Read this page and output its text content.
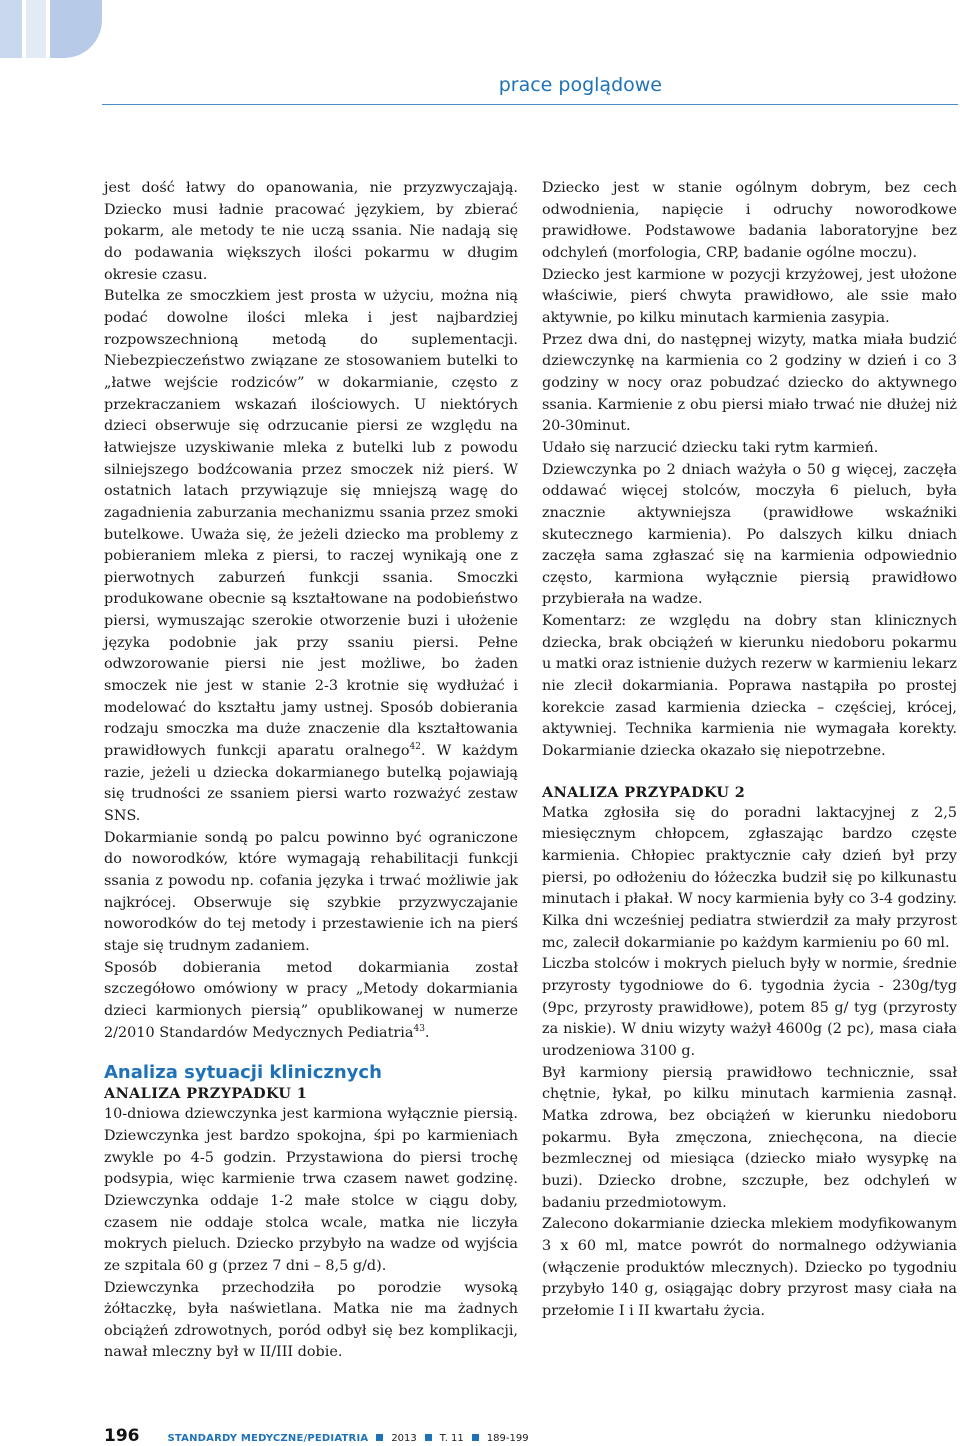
prace poglądowe

jest dość łatwy do opanowania, nie przyzwyczajają. Dziecko musi ładnie pracować językiem, by zbierać pokarm, ale metody te nie uczą ssania. Nie nadają się do podawania większych ilości pokarmu w długim okresie czasu.

Butelka ze smoczkiem jest prosta w użyciu, można nią podać dowolne ilości mleka i jest najbardziej rozpowszechnioną metodą do suplementacji. Niebezpieczeństwo związane ze stosowaniem butelki to „łatwe wejście rodziców” w dokarmianie, często z przekraczaniem wskazań ilościowych. U niektórych dzieci obserwuje się odrzucanie piersi ze względu na łatwiejsze uzyskiwanie mleka z butelki lub z powodu silniejszego bodźcowania przez smoczek niż pierś. W ostatnich latach przywiązuje się mniejszą wagę do zagadnienia zaburzania mechanizmu ssania przez smoki butelkowe. Uważa się, że jeżeli dziecko ma problemy z pobieraniem mleka z piersi, to raczej wynikają one z pierwotnych zaburzeń funkcji ssania. Smoczki produkowane obecnie są kształtowane na podobieństwo piersi, wymuszając szerokie otworzenie buzi i ułożenie języka podobnie jak przy ssaniu piersi. Pełne odwzorowanie piersi nie jest możliwe, bo żaden smoczek nie jest w stanie 2-3 krotnie się wydłużać i modelować do kształtu jamy ustnej. Sposób dobierania rodzaju smoczka ma duże znaczenie dla kształtowania prawidłowych funkcji aparatu oralnego$^{42}$. W każdym razie, jeżeli u dziecka dokarmianego butelką pojawiają się trudności ze ssaniem piersi warto rozważyć zestaw SNS.

Dokarmianie sondą po palcu powinno być ograniczone do noworodków, które wymagają rehabilitacji funkcji ssania z powodu np. cofania języka i trwać możliwie jak najkrócej. Obserwuje się szybkie przyzwyczajanie noworodków do tej metody i przestawienie ich na pierś staje się trudnym zadaniem.

Sposób dobierania metod dokarmiania został szczegółowo omówiony w pracy „Metody dokarmiania dzieci karmionych piersią” opublikowanej w numerze 2/2010 Standardów Medycznych Pediatria$^{43}$.

Analiza sytuacji klinicznych
ANALIZA PRZYPADKU 1

10-dniowa dziewczynka jest karmiona wyłącznie piersią. Dziewczynka jest bardzo spokojna, śpi po karmieniach zwykle po 4-5 godzin. Przystawiona do piersi trochę podsypia, więc karmienie trwa czasem nawet godzinę. Dziewczynka oddaje 1-2 małe stolce w ciągu doby, czasem nie oddaje stolca wcale, matka nie liczyła mokrych pieluch. Dziecko przybyło na wadze od wyjścia ze szpitala 60 g (przez 7 dni – 8,5 g/d).

Dziewczynka przechodziła po porodzie wysoką żółtaczkę, była naświetlana. Matka nie ma żadnych obciążeń zdrowotnych, poród odbył się bez komplikacji, nawał mleczny był w II/III dobie.

Dziecko jest w stanie ogólnym dobrym, bez cech odwodnienia, napięcie i odruchy noworodkowe prawidłowe. Podstawowe badania laboratoryjne bez odchyleń (morfologia, CRP, badanie ogólne moczu).

Dziecko jest karmione w pozycji krzyżowej, jest ułożone właściwie, pierś chwyta prawidłowo, ale ssie mało aktywnie, po kilku minutach karmienia zasypia.

Przez dwa dni, do następnej wizyty, matka miała budzić dziewczynkę na karmienia co 2 godziny w dzień i co 3 godziny w nocy oraz pobudzać dziecko do aktywnego ssania. Karmienie z obu piersi miało trwać nie dłużej niż 20-30minut.

Udało się narzucić dziecku taki rytm karmień.

Dziewczynka po 2 dniach ważyła o 50 g więcej, zaczęła oddawać więcej stolców, moczyła 6 pieluch, była znacznie aktywniejsza (prawidłowe wskaźniki skutecznego karmienia). Po dalszych kilku dniach zaczęła sama zgłaszać się na karmienia odpowiednio często, karmiona wyłącznie piersią prawidłowo przybierała na wadze.

Komentarz: ze względu na dobry stan klinicznych dziecka, brak obciążeń w kierunku niedoboru pokarmu u matki oraz istnienie dużych rezerw w karmieniu lekarz nie zlecił dokarmiania. Poprawa nastąpiła po prostej korekcie zasad karmienia dziecka – częściej, krócej, aktywniej. Technika karmienia nie wymagała korekty. Dokarmianie dziecka okazało się niepotrzebne.

ANALIZA PRZYPADKU 2

Matka zgłosiła się do poradni laktacyjnej z 2,5 miesięcznym chłopcem, zgłaszając bardzo częste karmienia. Chłopiec praktycznie cały dzień był przy piersi, po odłożeniu do łóżeczka budził się po kilkunastu minutach i płakał. W nocy karmienia były co 3-4 godziny. Kilka dni wcześniej pediatra stwierdził za mały przyrost mc, zalecił dokarmianie po każdym karmieniu po 60 ml.

Liczba stolców i mokrych pieluch były w normie, średnie przyrosty tygodniowe do 6. tygodnia życia - 230g/tyg (9pc, przyrosty prawidłowe), potem 85 g/ tyg (przyrosty za niskie). W dniu wizyty ważył 4600g (2 pc), masa ciała urodzeniowa 3100 g.

Był karmiony piersią prawidłowo technicznie, ssał chętnie, łykał, po kilku minutach karmienia zasnął. Matka zdrowa, bez obciążeń w kierunku niedoboru pokarmu. Była zmęczona, zniechęcona, na diecie bezmlecznej od miesiąca (dziecko miało wysypkę na buzi). Dziecko drobne, szczupłe, bez odchyleń w badaniu przedmiotowym.

Zalecono dokarmianie dziecka mlekiem modyfikowanym 3 x 60 ml, matce powrót do normalnego odżywiania (włączenie produktów mlecznych). Dziecko po tygodniu przybyło 140 g, osiągając dobry przyrost masy ciała na przełomie I i II kwartału życia.

196	STANDARDY MEDYCZNE/PEDIATRIA 2013 T. 11 189-199
